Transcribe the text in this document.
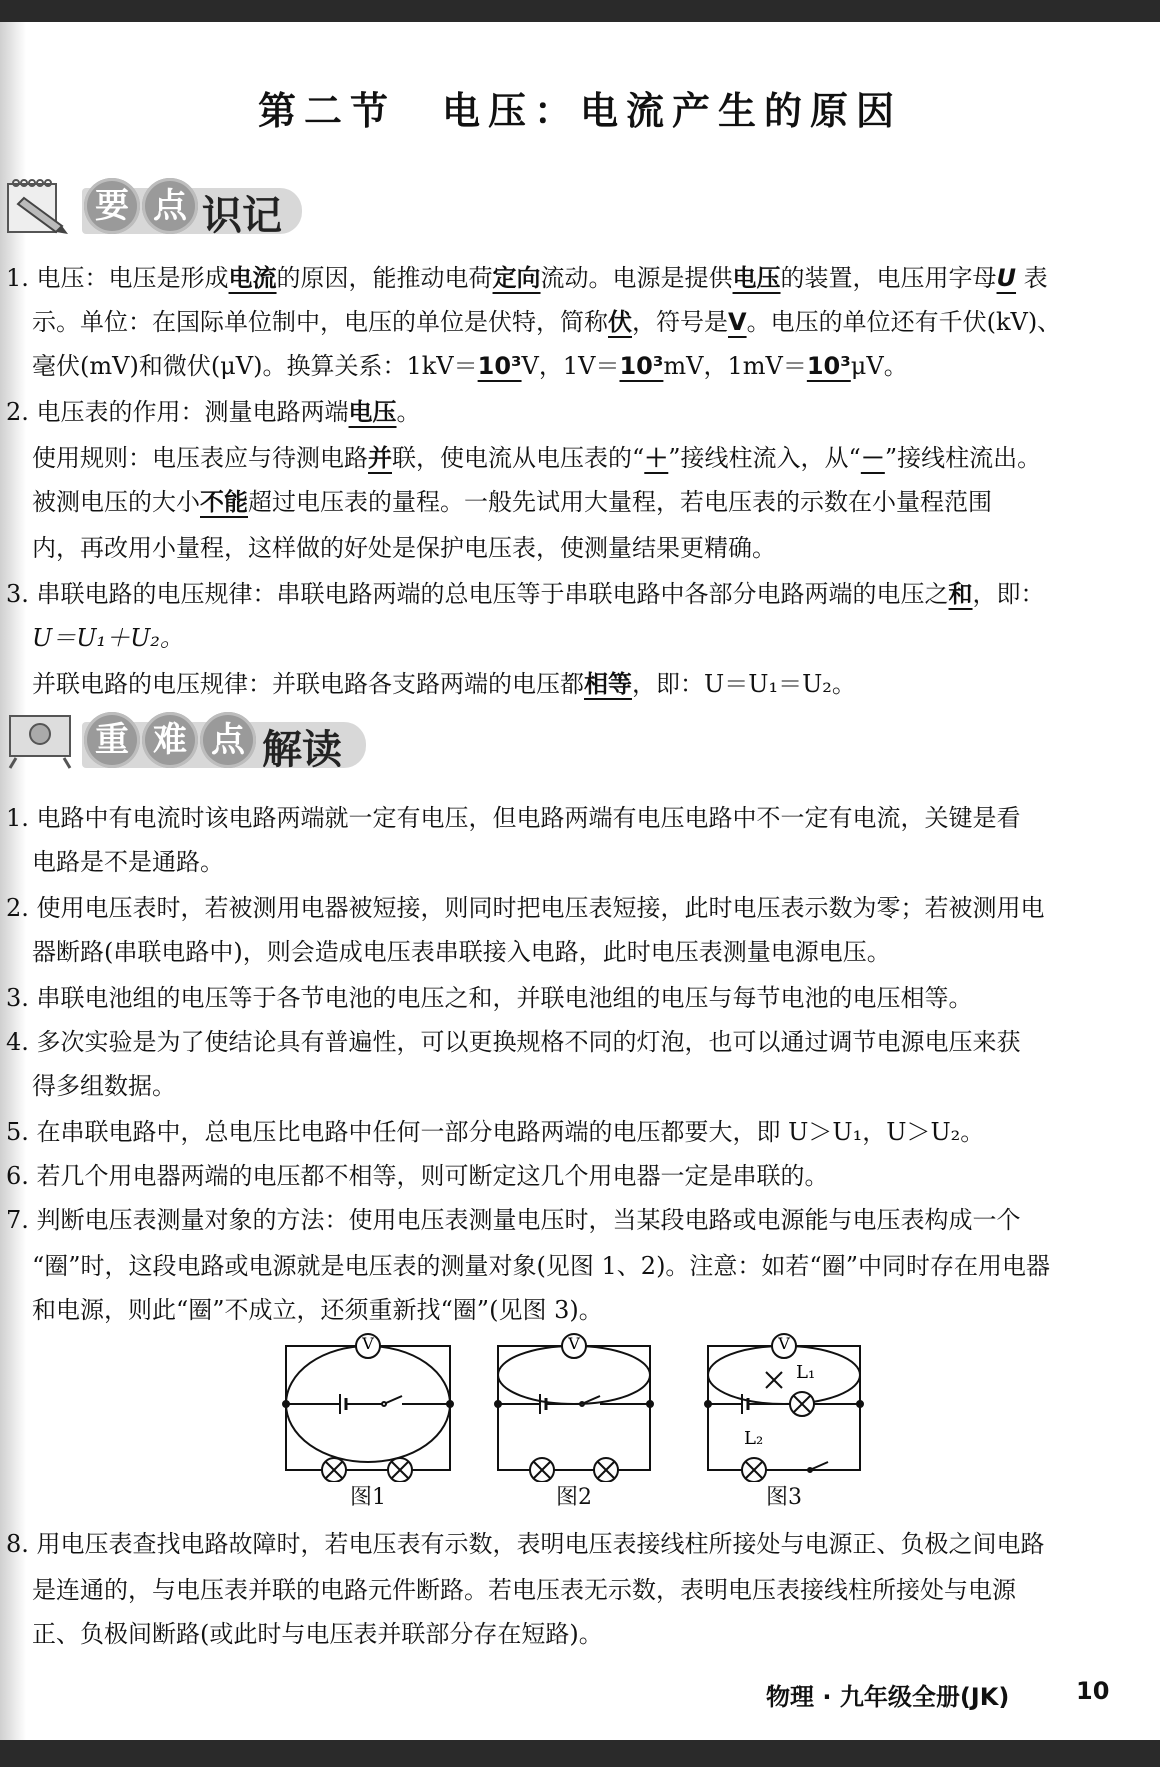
第二节　电压：电流产生的原因
要 点 识记
1. 电压：电压是形成电流的原因，能推动电荷定向流动。电源是提供电压的装置，电压用字母U 表
示。单位：在国际单位制中，电压的单位是伏特，简称伏，符号是V。电压的单位还有千伏(kV)、
毫伏(mV)和微伏(μV)。换算关系：1kV＝10³V，1V＝10³mV，1mV＝10³μV。
2. 电压表的作用：测量电路两端电压。
使用规则：电压表应与待测电路并联，使电流从电压表的“＋”接线柱流入，从“－”接线柱流出。
被测电压的大小不能超过电压表的量程。一般先试用大量程，若电压表的示数在小量程范围
内，再改用小量程，这样做的好处是保护电压表，使测量结果更精确。
3. 串联电路的电压规律：串联电路两端的总电压等于串联电路中各部分电路两端的电压之和，即：
U＝U₁＋U₂。
并联电路的电压规律：并联电路各支路两端的电压都相等，即：U＝U₁＝U₂。
重 难 点 解读
1. 电路中有电流时该电路两端就一定有电压，但电路两端有电压电路中不一定有电流，关键是看
电路是不是通路。
2. 使用电压表时，若被测用电器被短接，则同时把电压表短接，此时电压表示数为零；若被测用电
器断路(串联电路中)，则会造成电压表串联接入电路，此时电压表测量电源电压。
3. 串联电池组的电压等于各节电池的电压之和，并联电池组的电压与每节电池的电压相等。
4. 多次实验是为了使结论具有普遍性，可以更换规格不同的灯泡，也可以通过调节电源电压来获
得多组数据。
5. 在串联电路中，总电压比电路中任何一部分电路两端的电压都要大，即 U＞U₁，U＞U₂。
6. 若几个用电器两端的电压都不相等，则可断定这几个用电器一定是串联的。
7. 判断电压表测量对象的方法：使用电压表测量电压时，当某段电路或电源能与电压表构成一个
“圈”时，这段电路或电源就是电压表的测量对象(见图 1、2)。注意：如若“圈”中同时存在用电器
和电源，则此“圈”不成立，还须重新找“圈”(见图 3)。
8. 用电压表查找电路故障时，若电压表有示数，表明电压表接线柱所接处与电源正、负极之间电路
是连通的，与电压表并联的电路元件断路。若电压表无示数，表明电压表接线柱所接处与电源
正、负极间断路(或此时与电压表并联部分存在短路)。
V
图1
V
图2
V
L₁
L₂
图3
物理 · 九年级全册(JK)	10
